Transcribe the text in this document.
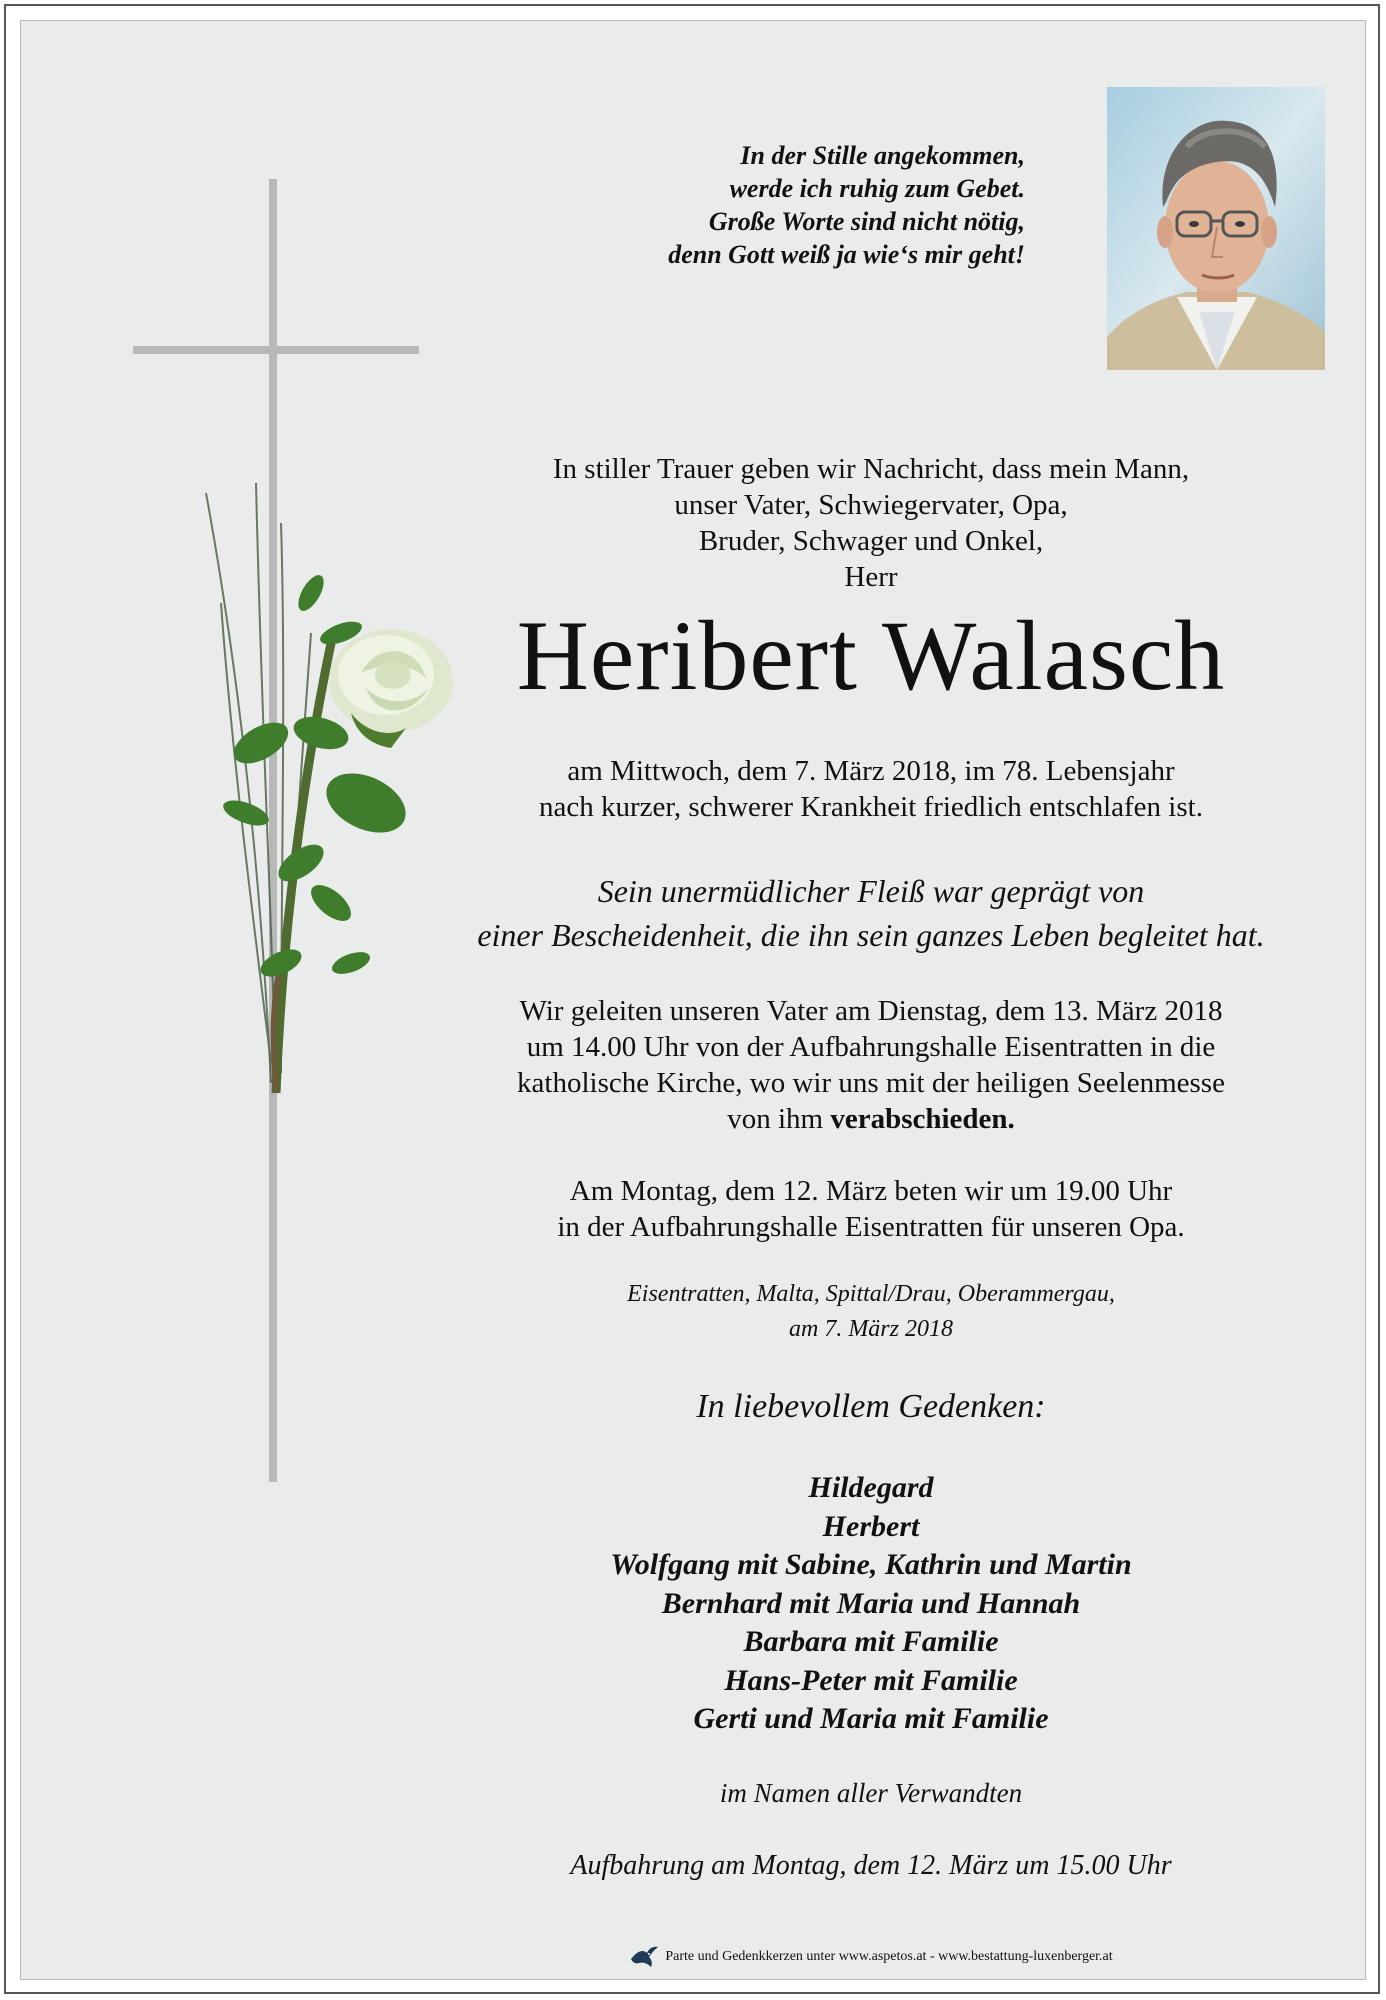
In der Stille angekommen,
werde ich ruhig zum Gebet.
Große Worte sind nicht nötig,
denn Gott weiß ja wie‘s mir geht!
In stiller Trauer geben wir Nachricht, dass mein Mann,
unser Vater, Schwiegervater, Opa,
Bruder, Schwager und Onkel,
Herr
Heribert Walasch
am Mittwoch, dem 7. März 2018, im 78. Lebensjahr
nach kurzer, schwerer Krankheit friedlich entschlafen ist.
Sein unermüdlicher Fleiß war geprägt von
einer Bescheidenheit, die ihn sein ganzes Leben begleitet hat.
Wir geleiten unseren Vater am Dienstag, dem 13. März 2018
um 14.00 Uhr von der Aufbahrungshalle Eisentratten in die
katholische Kirche, wo wir uns mit der heiligen Seelenmesse
von ihm verabschieden.
Am Montag, dem 12. März beten wir um 19.00 Uhr
in der Aufbahrungshalle Eisentratten für unseren Opa.
Eisentratten, Malta, Spittal/Drau, Oberammergau,
am 7. März 2018
In liebevollem Gedenken:
Hildegard
Herbert
Wolfgang mit Sabine, Kathrin und Martin
Bernhard mit Maria und Hannah
Barbara mit Familie
Hans-Peter mit Familie
Gerti und Maria mit Familie
im Namen aller Verwandten
Aufbahrung am Montag, dem 12. März um 15.00 Uhr
Parte und Gedenkkerzen unter www.aspetos.at - www.bestattung-luxenberger.at
